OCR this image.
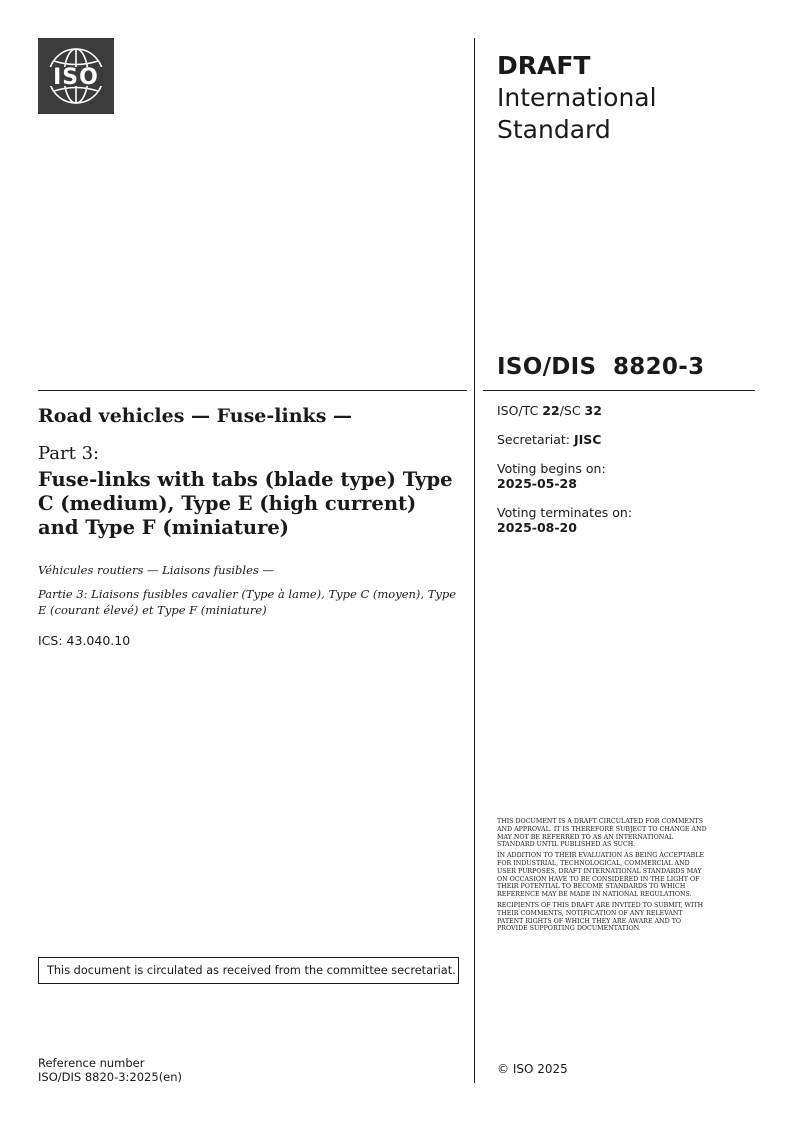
ISO	DRAFT
International
Standard
ISO/DIS  8820-3
Road vehicles — Fuse-links —
Part 3:
Fuse-links with tabs (blade type) Type C (medium), Type E (high current) and Type F (miniature)
Véhicules routiers — Liaisons fusibles —
Partie 3: Liaisons fusibles cavalier (Type à lame), Type C (moyen), Type E (courant élevé) et Type F (miniature)
ICS: 43.040.10
This document is circulated as received from the committee secretariat.
Reference number
ISO/DIS 8820-3:2025(en)
ISO/TC 22/SC 32
Secretariat: JISC
Voting begins on:
2025-05-28
Voting terminates on:
2025-08-20

THIS DOCUMENT IS A DRAFT CIRCULATED FOR COMMENTS AND APPROVAL. IT IS THEREFORE SUBJECT TO CHANGE AND MAY NOT BE REFERRED TO AS AN INTERNATIONAL STANDARD UNTIL PUBLISHED AS SUCH.

IN ADDITION TO THEIR EVALUATION AS BEING ACCEPTABLE FOR INDUSTRIAL, TECHNOLOGICAL, COMMERCIAL AND USER PURPOSES, DRAFT INTERNATIONAL STANDARDS MAY ON OCCASION HAVE TO BE CONSIDERED IN THE LIGHT OF THEIR POTENTIAL TO BECOME STANDARDS TO WHICH REFERENCE MAY BE MADE IN NATIONAL REGULATIONS.

RECIPIENTS OF THIS DRAFT ARE INVITED TO SUBMIT, WITH THEIR COMMENTS, NOTIFICATION OF ANY RELEVANT PATENT RIGHTS OF WHICH THEY ARE AWARE AND TO PROVIDE SUPPORTING DOCUMENTATION.

© ISO 2025
